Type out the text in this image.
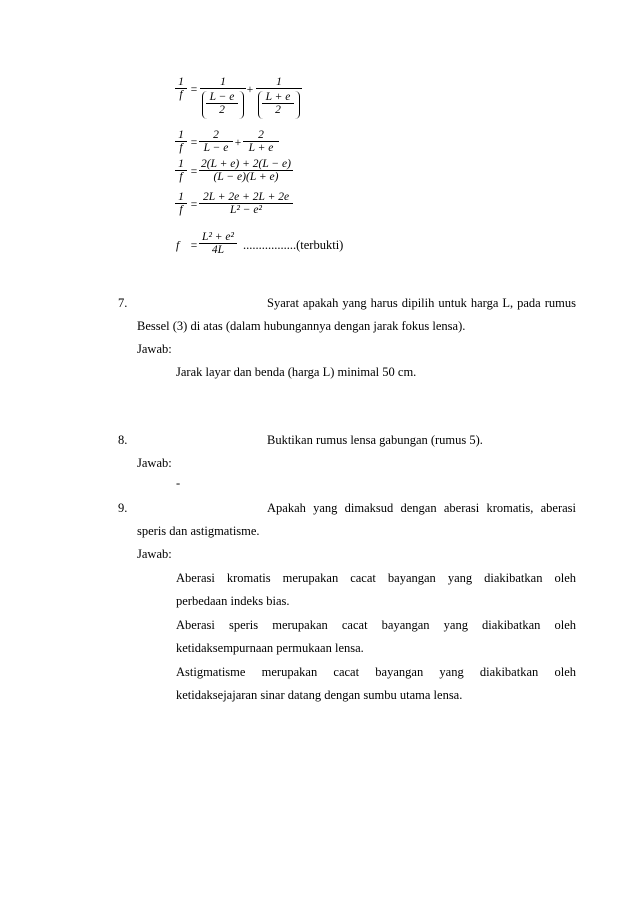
$\frac{1}{f} = \frac{1}{\frac{L - e}{2}} + \frac{1}{\frac{L + e}{2}}$
$\frac{1}{f} = \frac{2}{L - e} + \frac{2}{L + e}$
$\frac{1}{f} = \frac{2(L + e) + 2(L - e)}{(L - e)(L + e)}$
$\frac{1}{f} = \frac{2L + 2e + 2L + 2e}{\text{L² − e²}}$
$f = \frac{\text{L² + e²}}{4L}$ .................(terbukti)
7.	Syarat apakah yang harus dipilih untuk harga L, pada rumus
Bessel (3) di atas (dalam hubungannya dengan jarak fokus lensa).
Jawab:
Jarak layar dan benda (harga L) minimal 50 cm.
8.	Buktikan rumus lensa gabungan (rumus 5).
Jawab:
-
9.	Apakah yang dimaksud dengan aberasi kromatis, aberasi
speris dan astigmatisme.
Jawab:
Aberasi kromatis merupakan cacat bayangan yang diakibatkan oleh
perbedaan indeks bias.
Aberasi speris merupakan cacat bayangan yang diakibatkan oleh
ketidaksempurnaan permukaan lensa.
Astigmatisme merupakan cacat bayangan yang diakibatkan oleh
ketidaksejajaran sinar datang dengan sumbu utama lensa.
